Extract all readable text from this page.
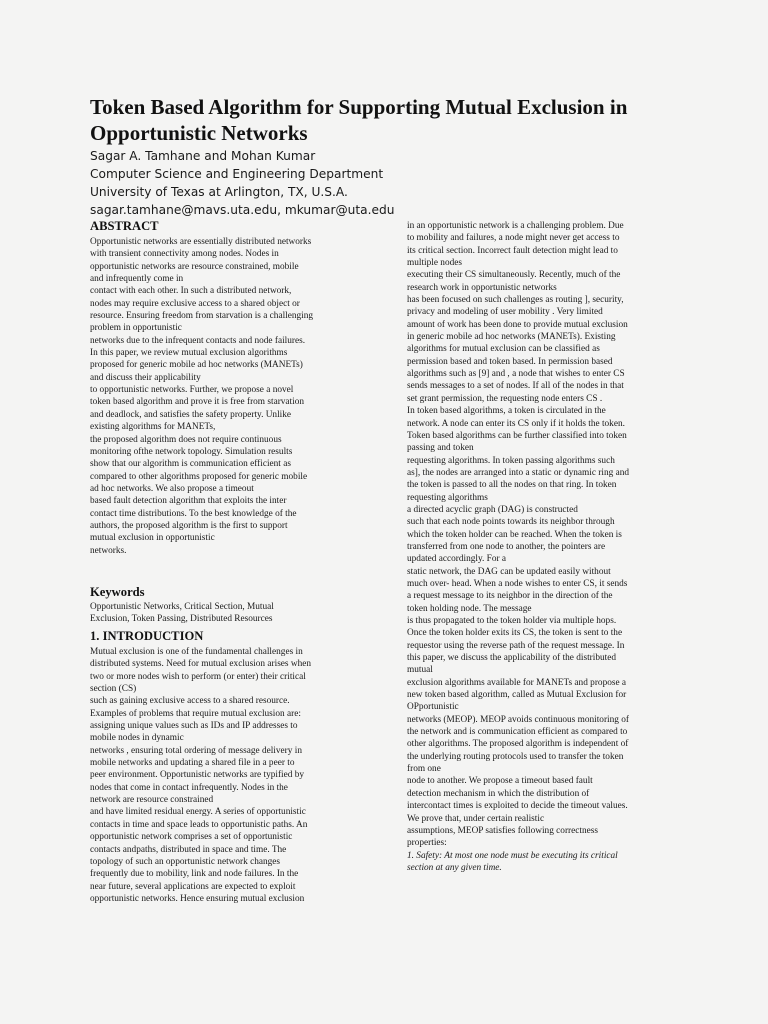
Token Based Algorithm for Supporting Mutual Exclusion in
Opportunistic Networks
Sagar A. Tamhane and Mohan Kumar
Computer Science and Engineering Department
University of Texas at Arlington, TX, U.S.A.
sagar.tamhane@mavs.uta.edu, mkumar@uta.edu
ABSTRACT
Opportunistic networks are essentially distributed networks
with transient connectivity among nodes. Nodes in
opportunistic networks are resource constrained, mobile
and infrequently come in
contact with each other. In such a distributed network,
nodes may require exclusive access to a shared object or
resource. Ensuring freedom from starvation is a challenging
problem in opportunistic
networks due to the infrequent contacts and node failures.
In this paper, we review mutual exclusion algorithms
proposed for generic mobile ad hoc networks (MANETs)
and discuss their applicability
to opportunistic networks. Further, we propose a novel
token based algorithm and prove it is free from starvation
and deadlock, and satisfies the safety property. Unlike
existing algorithms for MANETs,
the proposed algorithm does not require continuous
monitoring ofthe network topology. Simulation results
show that our algorithm is communication efficient as
compared to other algorithms proposed for generic mobile
ad hoc networks. We also propose a timeout
based fault detection algorithm that exploits the inter
contact time distributions. To the best knowledge of the
authors, the proposed algorithm is the first to support
mutual exclusion in opportunistic
networks.
Keywords
Opportunistic Networks, Critical Section, Mutual
Exclusion, Token Passing, Distributed Resources
1. INTRODUCTION
Mutual exclusion is one of the fundamental challenges in
distributed systems. Need for mutual exclusion arises when
two or more nodes wish to perform (or enter) their critical
section (CS)
such as gaining exclusive access to a shared resource.
Examples of problems that require mutual exclusion are:
assigning unique values such as IDs and IP addresses to
mobile nodes in dynamic
networks , ensuring total ordering of message delivery in
mobile networks and updating a shared file in a peer to
peer environment. Opportunistic networks are typified by
nodes that come in contact infrequently. Nodes in the
network are resource constrained
and have limited residual energy. A series of opportunistic
contacts in time and space leads to opportunistic paths. An
opportunistic network comprises a set of opportunistic
contacts andpaths, distributed in space and time. The
topology of such an opportunistic network changes
frequently due to mobility, link and node failures. In the
near future, several applications are expected to exploit
opportunistic networks. Hence ensuring mutual exclusion
in an opportunistic network is a challenging problem. Due
to mobility and failures, a node might never get access to
its critical section. Incorrect fault detection might lead to
multiple nodes
executing their CS simultaneously. Recently, much of the
research work in opportunistic networks
has been focused on such challenges as routing ], security,
privacy and modeling of user mobility . Very limited
amount of work has been done to provide mutual exclusion
in generic mobile ad hoc networks (MANETs). Existing
algorithms for mutual exclusion can be classified as
permission based and token based. In permission based
algorithms such as [9] and , a node that wishes to enter CS
sends messages to a set of nodes. If all of the nodes in that
set grant permission, the requesting node enters CS .
In token based algorithms, a token is circulated in the
network. A node can enter its CS only if it holds the token.
Token based algorithms can be further classified into token
passing and token
requesting algorithms. In token passing algorithms such
as], the nodes are arranged into a static or dynamic ring and
the token is passed to all the nodes on that ring. In token
requesting algorithms
a directed acyclic graph (DAG) is constructed
such that each node points towards its neighbor through
which the token holder can be reached. When the token is
transferred from one node to another, the pointers are
updated accordingly. For a
static network, the DAG can be updated easily without
much over- head. When a node wishes to enter CS, it sends
a request message to its neighbor in the direction of the
token holding node. The message
is thus propagated to the token holder via multiple hops.
Once the token holder exits its CS, the token is sent to the
requestor using the reverse path of the request message. In
this paper, we discuss the applicability of the distributed
mutual
exclusion algorithms available for MANETs and propose a
new token based algorithm, called as Mutual Exclusion for
OPportunistic
networks (MEOP). MEOP avoids continuous monitoring of
the network and is communication efficient as compared to
other algorithms. The proposed algorithm is independent of
the underlying routing protocols used to transfer the token
from one
node to another. We propose a timeout based fault
detection mechanism in which the distribution of
intercontact times is exploited to decide the timeout values.
We prove that, under certain realistic
assumptions, MEOP satisfies following correctness
properties:
1. Safety: At most one node must be executing its critical
section at any given time.
